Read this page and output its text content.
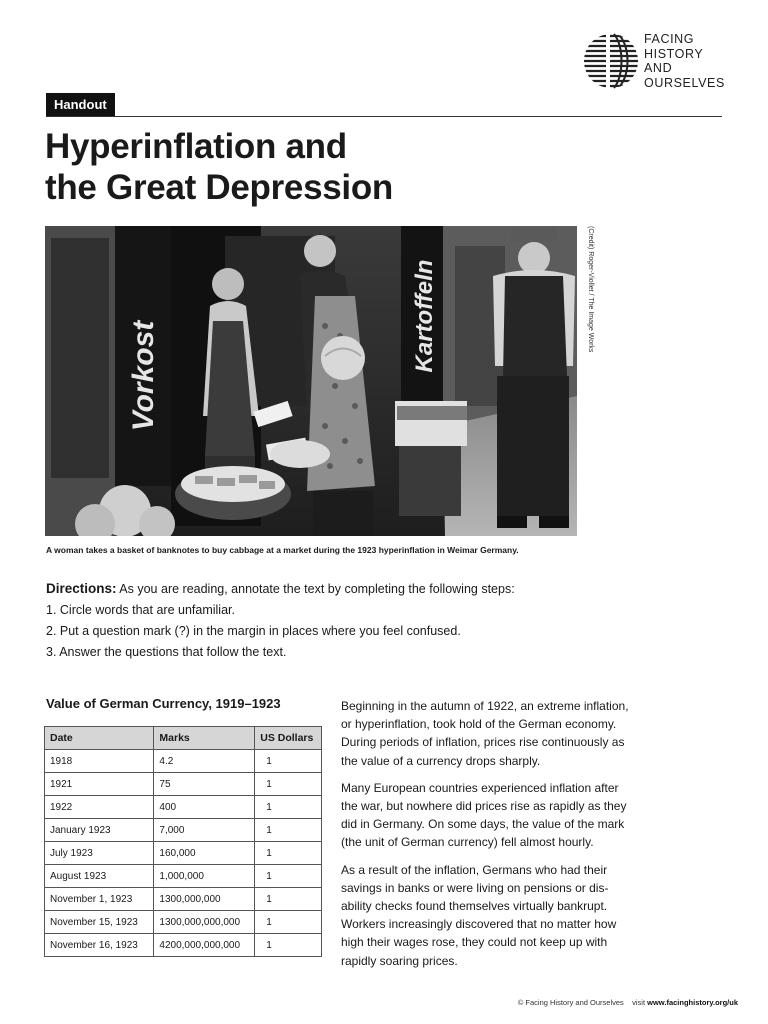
FACING
HISTORY
AND
OURSELVES
Handout
Hyperinflation and
the Great Depression
Vorkost
Kartoffeln	(Credit) Roger-Viollet / The Image Works
A woman takes a basket of banknotes to buy cabbage at a market during the 1923 hyperinflation in Weimar Germany.
Directions: As you are reading, annotate the text by completing the following steps:
1. Circle words that are unfamiliar.
2. Put a question mark (?) in the margin in places where you feel confused.
3. Answer the questions that follow the text.
Value of German Currency, 1919–1923
Date	Marks	US Dollars
1918	4.2	1
1921	75	1
1922	400	1
January 1923	7,000	1
July 1923	160,000	1
August 1923	1,000,000	1
November 1, 1923	1300,000,000	1
November 15, 1923	1300,000,000,000	1
November 16, 1923	4200,000,000,000	1

Beginning in the autumn of 1922, an extreme inflation, or hyperinflation, took hold of the German economy. During periods of inflation, prices rise continuously as the value of a currency drops sharply.

Many European countries experienced inflation after the war, but nowhere did prices rise as rapidly as they did in Germany. On some days, the value of the mark (the unit of German currency) fell almost hourly.

As a result of the inflation, Germans who had their savings in banks or were living on pensions or dis-ability checks found themselves virtually bankrupt. Workers increasingly discovered that no matter how high their wages rose, they could not keep up with rapidly soaring prices.

© Facing History and Ourselves visit www.facinghistory.org/uk
